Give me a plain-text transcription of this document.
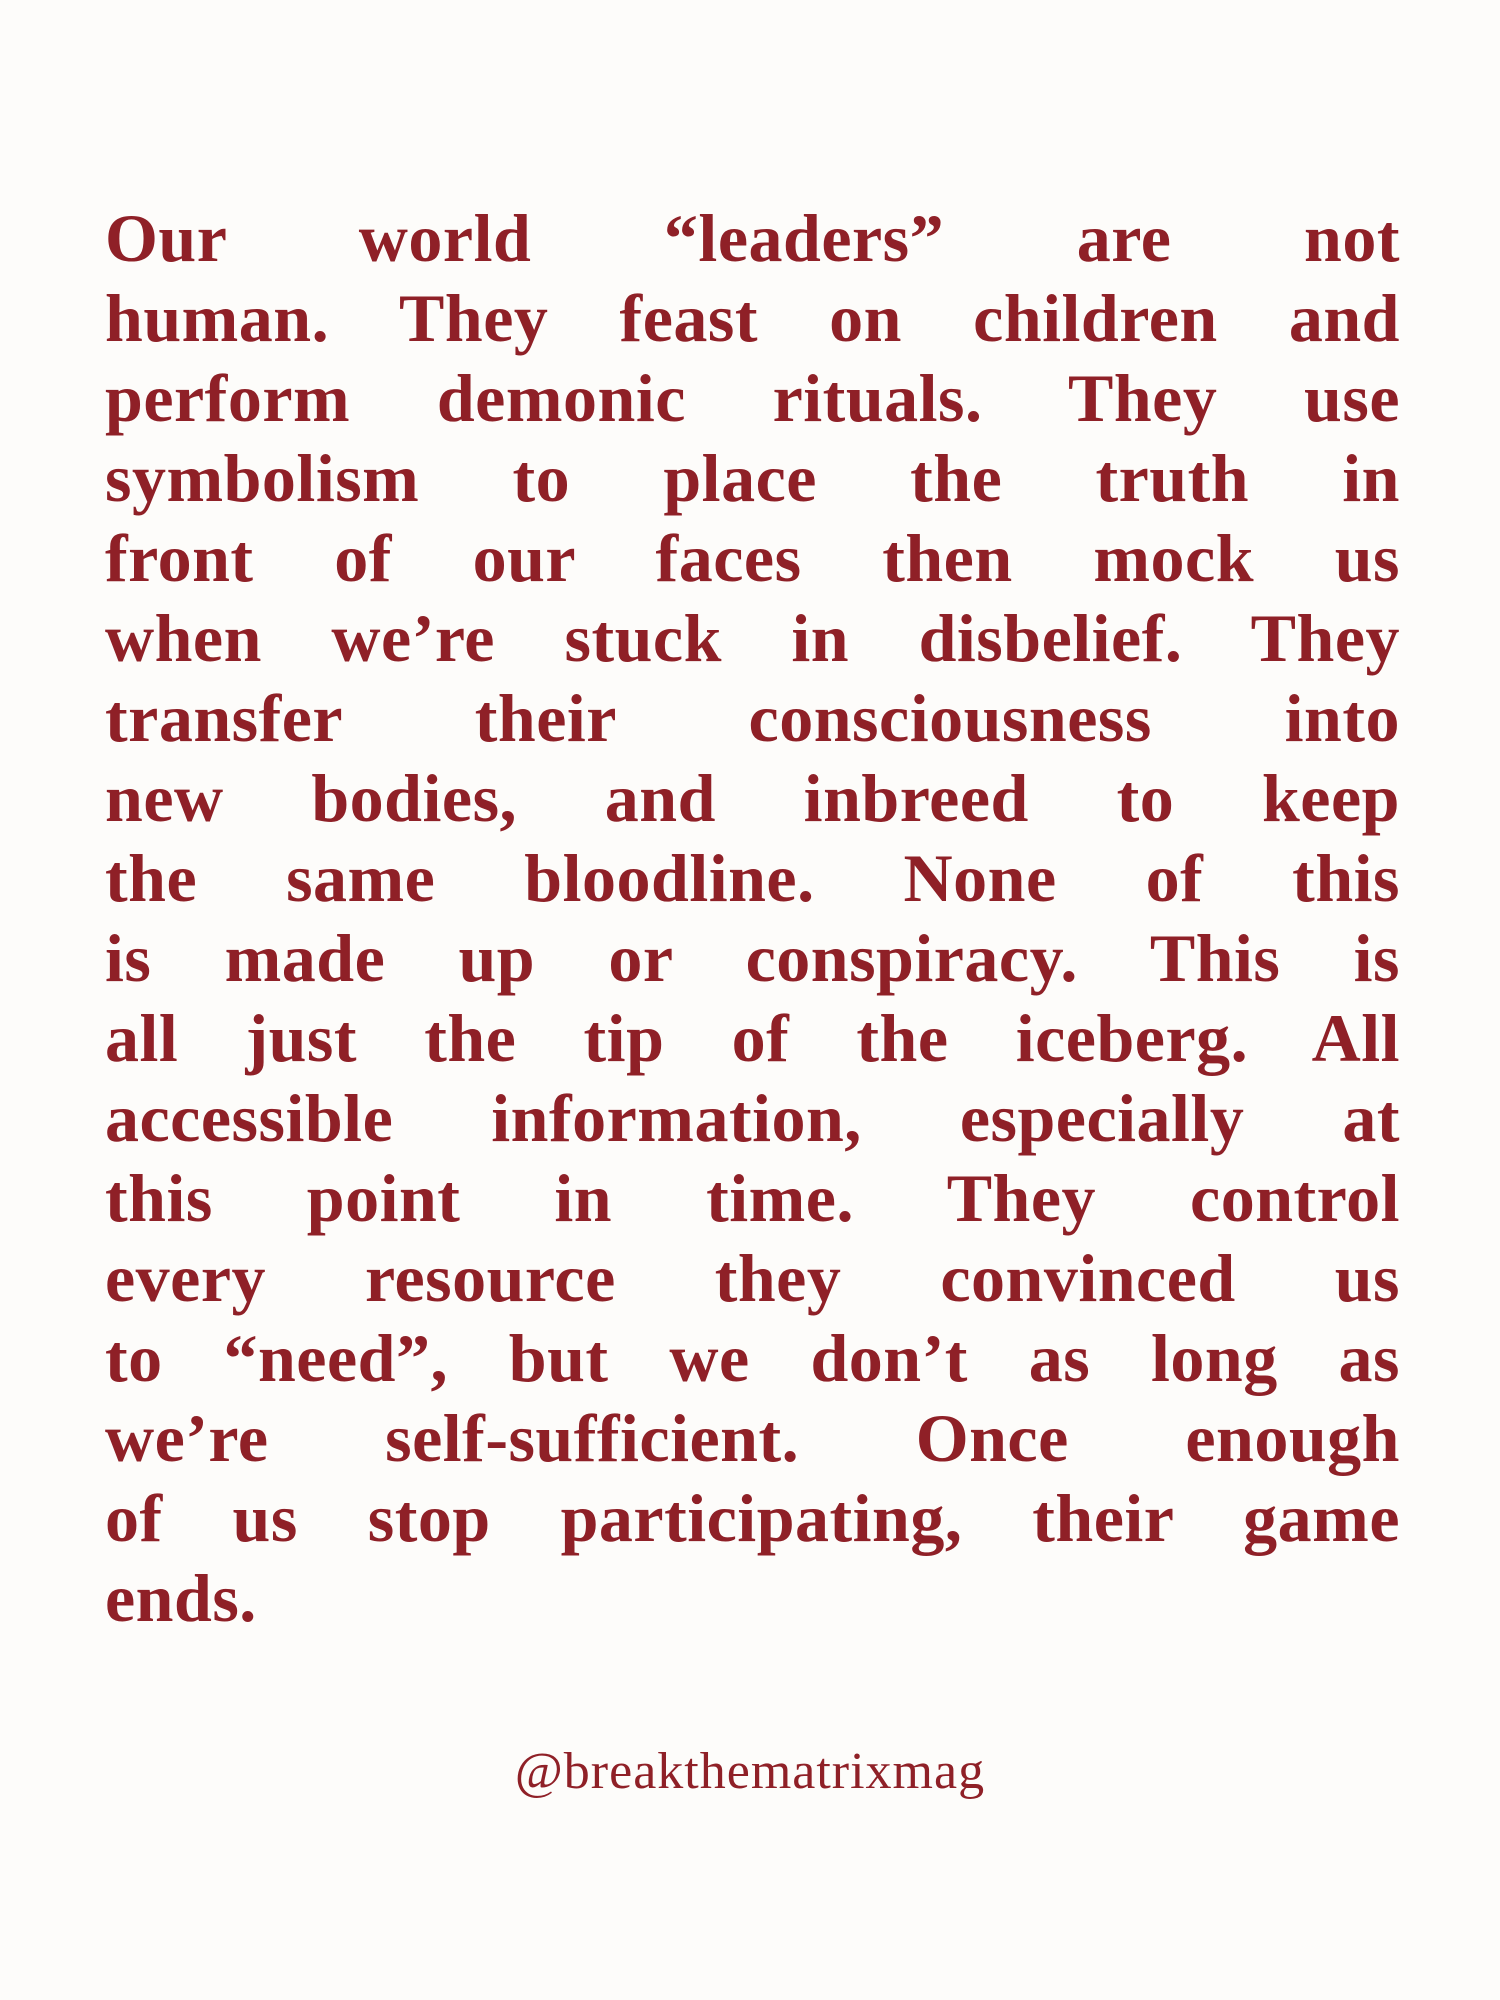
Our world “leaders” are not
human. They feast on children and
perform demonic rituals. They use
symbolism to place the truth in
front of our faces then mock us
when we’re stuck in disbelief. They
transfer their consciousness into
new bodies, and inbreed to keep
the same bloodline. None of this
is made up or conspiracy. This is
all just the tip of the iceberg. All
accessible information, especially at
this point in time. They control
every resource they convinced us
to “need”, but we don’t as long as
we’re self-sufficient. Once enough
of us stop participating, their game
ends.
@breakthematrixmag
